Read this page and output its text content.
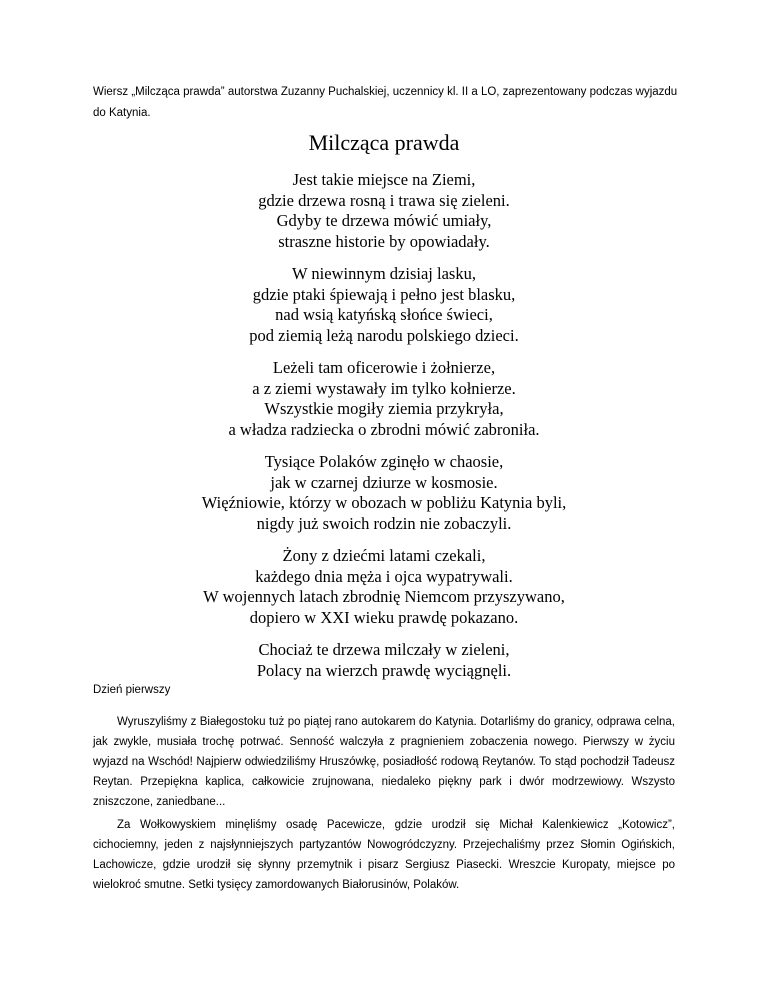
Wiersz „Milcząca prawda” autorstwa Zuzanny Puchalskiej, uczennicy kl. II a LO, zaprezentowany podczas wyjazdu do Katynia.

Milcząca prawda
Jest takie miejsce na Ziemi,
gdzie drzewa rosną i trawa się zieleni.
Gdyby te drzewa mówić umiały,
straszne historie by opowiadały.
W niewinnym dzisiaj lasku,
gdzie ptaki śpiewają i pełno jest blasku,
nad wsią katyńską słońce świeci,
pod ziemią leżą narodu polskiego dzieci.
Leżeli tam oficerowie i żołnierze,
a z ziemi wystawały im tylko kołnierze.
Wszystkie mogiły ziemia przykryła,
a władza radziecka o zbrodni mówić zabroniła.
Tysiące Polaków zginęło w chaosie,
jak w czarnej dziurze w kosmosie.
Więźniowie, którzy w obozach w pobliżu Katynia byli,
nigdy już swoich rodzin nie zobaczyli.
Żony z dziećmi latami czekali,
każdego dnia męża i ojca wypatrywali.
W wojennych latach zbrodnię Niemcom przyszywano,
dopiero w XXI wieku prawdę pokazano.
Chociaż te drzewa milczały w zieleni,
Polacy na wierzch prawdę wyciągnęli.
Dzień pierwszy

Wyruszyliśmy z Białegostoku tuż po piątej rano autokarem do Katynia. Dotarliśmy do granicy, odprawa celna, jak zwykle, musiała trochę potrwać. Senność walczyła z pragnieniem zobaczenia nowego. Pierwszy w życiu wyjazd na Wschód! Najpierw odwiedziliśmy Hruszówkę, posiadłość rodową Reytanów. To stąd pochodził Tadeusz Reytan. Przepiękna kaplica, całkowicie zrujnowana, niedaleko piękny park i dwór modrzewiowy. Wszysto zniszczone, zaniedbane...

Za Wołkowyskiem minęliśmy osadę Pacewicze, gdzie urodził się Michał Kalenkiewicz „Kotowicz”, cichociemny, jeden z najsłynniejszych partyzantów Nowogródczyzny. Przejechaliśmy przez Słomin Ogińskich, Lachowicze, gdzie urodził się słynny przemytnik i pisarz Sergiusz Piasecki. Wreszcie Kuropaty, miejsce po wielokroć smutne. Setki tysięcy zamordowanych Białorusinów, Polaków.
